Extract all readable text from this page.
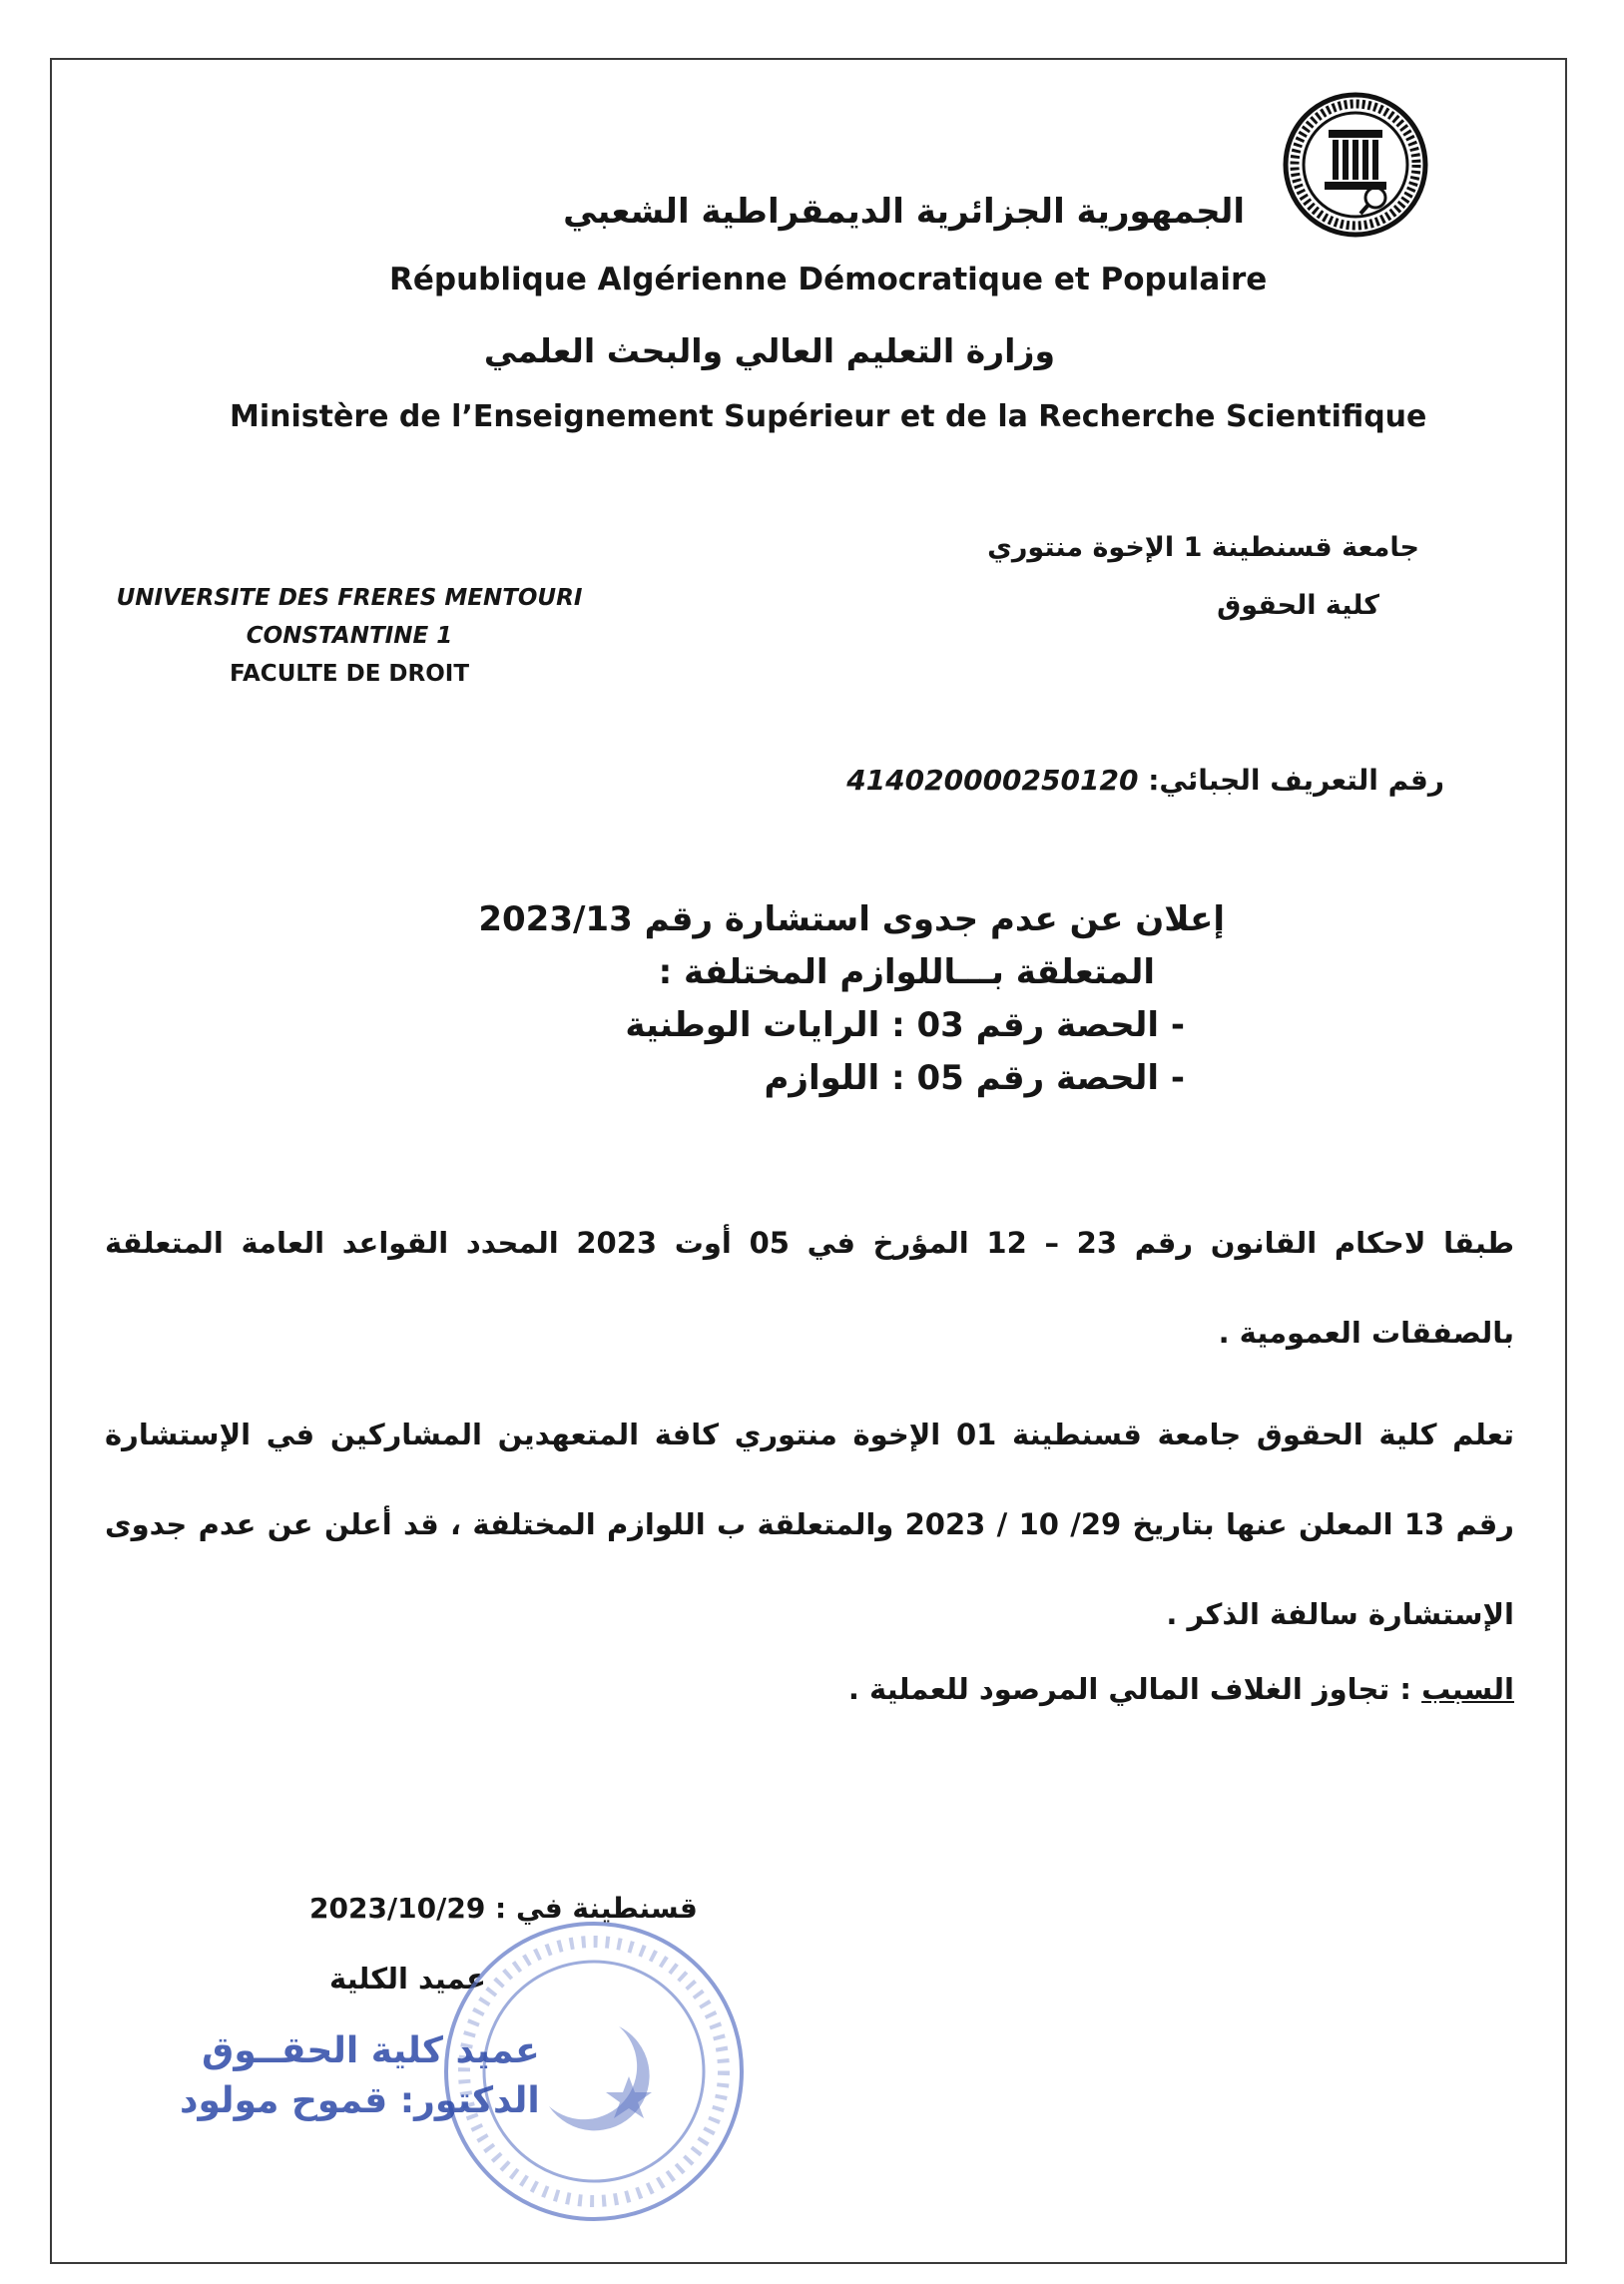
الجمهورية الجزائرية الديمقراطية الشعبي
République Algérienne Démocratique et Populaire
وزارة التعليم العالي والبحث العلمي
Ministère de l’Enseignement Supérieur et de la Recherche Scientifique
جامعة قسنطينة 1 الإخوة منتوري
كلية الحقوق
UNIVERSITE DES FRERES MENTOURI
CONSTANTINE 1
FACULTE DE DROIT
رقم التعريف الجبائي: 414020000250120
إعلان عن عدم جدوى استشارة رقم 2023/13
المتعلقة بـــاللوازم المختلفة :
- الحصة رقم 03 : الرايات الوطنية
- الحصة رقم 05 : اللوازم

طبقا لاحكام القانون رقم 23 – 12 المؤرخ في 05 أوت 2023 المحدد القواعد العامة المتعلقة بالصفقات العمومية .

تعلم كلية الحقوق جامعة قسنطينة 01 الإخوة منتوري كافة المتعهدين المشاركين في الإستشارة رقم 13 المعلن عنها بتاريخ 29/ 10 / 2023 والمتعلقة ب اللوازم المختلفة ، قد أعلن عن عدم جدوى الإستشارة سالفة الذكر .

السبب : تجاوز الغلاف المالي المرصود للعملية .
قسنطينة في : 2023/10/29
عميد الكلية
عميد كلية الحقــوق
الدكتور: قموح مولود
